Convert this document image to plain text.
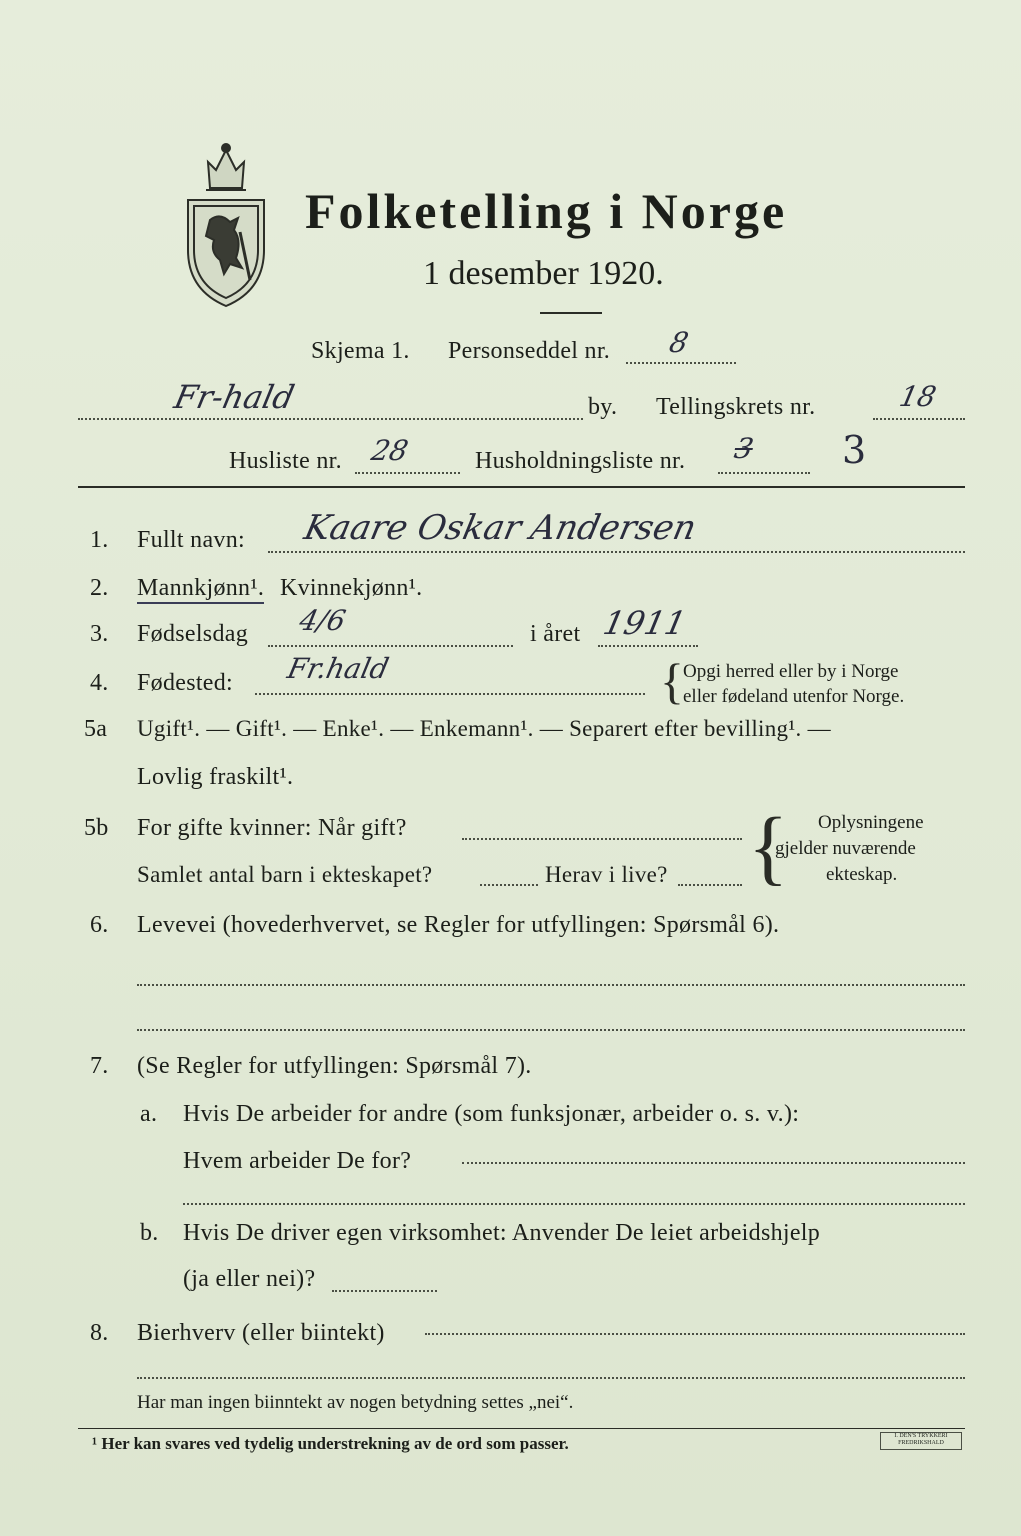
Folketelling i Norge
1 desember 1920.
Skjema 1. Personseddel nr. 8
Fr-hald	by. Tellingskrets nr.	18
Husliste nr. 28	Husholdningsliste nr. 3 3
1. Fullt navn: Kaare Oskar Andersen
2. Mannkjønn¹. Kvinnekjønn¹.
3. Fødselsdag 4/6	i året 1911
4. Fødested: Fr.hald	{ Opgi herred eller by i Norge
eller fødeland utenfor Norge.
5a Ugift¹. — Gift¹. — Enke¹. — Enkemann¹. — Separert efter bevilling¹. —
Lovlig fraskilt¹.
5b For gifte kvinner: Når gift?
Samlet antal barn i ekteskapet?	Herav i live? { Oplysningene
gjelder nuværende
ekteskap.
6. Levevei (hovederhvervet, se Regler for utfyllingen: Spørsmål 6).
7. (Se Regler for utfyllingen: Spørsmål 7).
a. Hvis De arbeider for andre (som funksjonær, arbeider o. s. v.):
Hvem arbeider De for?
b. Hvis De driver egen virksomhet: Anvender De leiet arbeidshjelp
(ja eller nei)?
8. Bierhverv (eller biintekt)
Har man ingen biinntekt av nogen betydning settes „nei“.
¹ Her kan svares ved tydelig understrekning av de ord som passer.	I. DEN'S TRYKKERI FREDRIKSHALD
